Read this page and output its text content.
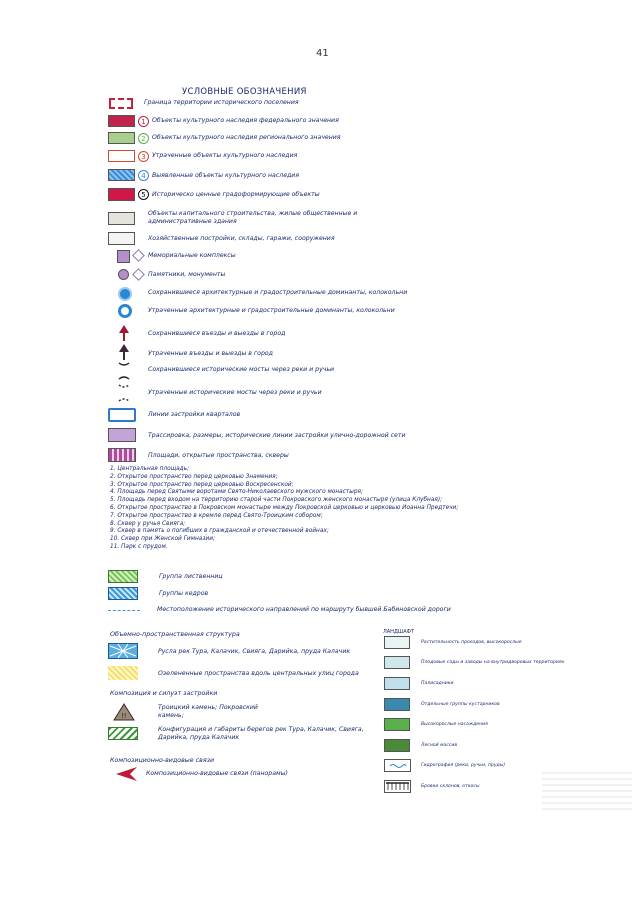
41
УСЛОВНЫЕ ОБОЗНАЧЕНИЯ
Граница территории исторического поселения
1	Объекты культурного наследия федерального значения
2	Объекты культурного наследия регионального значения
3	Утраченные объекты культурного наследия
4	Выявленные объекты культурного наследия
5	Историческо ценные градоформирующие объекты
Объекты капитального строительства, жилые общественные и административные здания
Хозяйственные постройки, склады, гаражи, сооружения
Мемориальные комплексы
Памятники, монументы
Сохранившиеся архитектурные и градостроительные доминанты, колокольни
Утраченные архитектурные и градостроительные доминанты, колокольни
Сохранившиеся въезды и выезды в город
Утраченные въезды и выезды в город
Сохранившиеся исторические мосты через реки и ручьи
Утраченные исторические мосты через реки и ручьи
Линии застройки кварталов
Трассировка, размеры, исторические линии застройки улично-дорожной сети
Площади, открытые пространства, скверы
1. Центральная площадь;
2. Открытое пространство перед церковью Знамения;
3. Открытое пространство перед церковью Воскресенской;
4. Площадь перед Святыми воротами Свято-Николаевского мужского монастыря;
5. Площадь перед входом на территорию старой части Покровского женского монастыря (улица Клубная);
6. Открытое пространство в Покровском монастыре между Покровской церковью и церковью Иоанна Предтечи;
7. Открытое пространство в кремле перед Свято-Троицким собором;
8. Сквер у ручья Свияга;
9. Сквер в память о погибших в гражданской и отечественной войнах;
10. Сквер при Женской Гимназии;
11. Парк с прудом.
Группа лиственниц
Группы кедров
Местоположение исторического направлений по маршруту бывшей Бабиновской дороги
Объемно-пространственная структура
Русла рек Тура, Калачик, Свияга, Дарийка, пруда Калачик
Озелененные пространства вдоль центральных улиц города
Композиция и силуэт застройки
!!
Троицкий камень; Покровский камень;
Конфигурация и габариты берегов рек Тура, Калачик, Свияга, Дарийка, пруда Калачик
Композиционно-видовые связи
Композиционно-видовые связи (панорамы)
ЛАНДШАФТ
Растительность проездов, высокорослые
Плодовые сады и заводы на внутридворовых территориях
Палисадники
Отдельные группы кустарников
Высокорослые насаждения
Лесной массив
Гидрография (реки, ручьи, пруды)
Бровки склонов, откосы
